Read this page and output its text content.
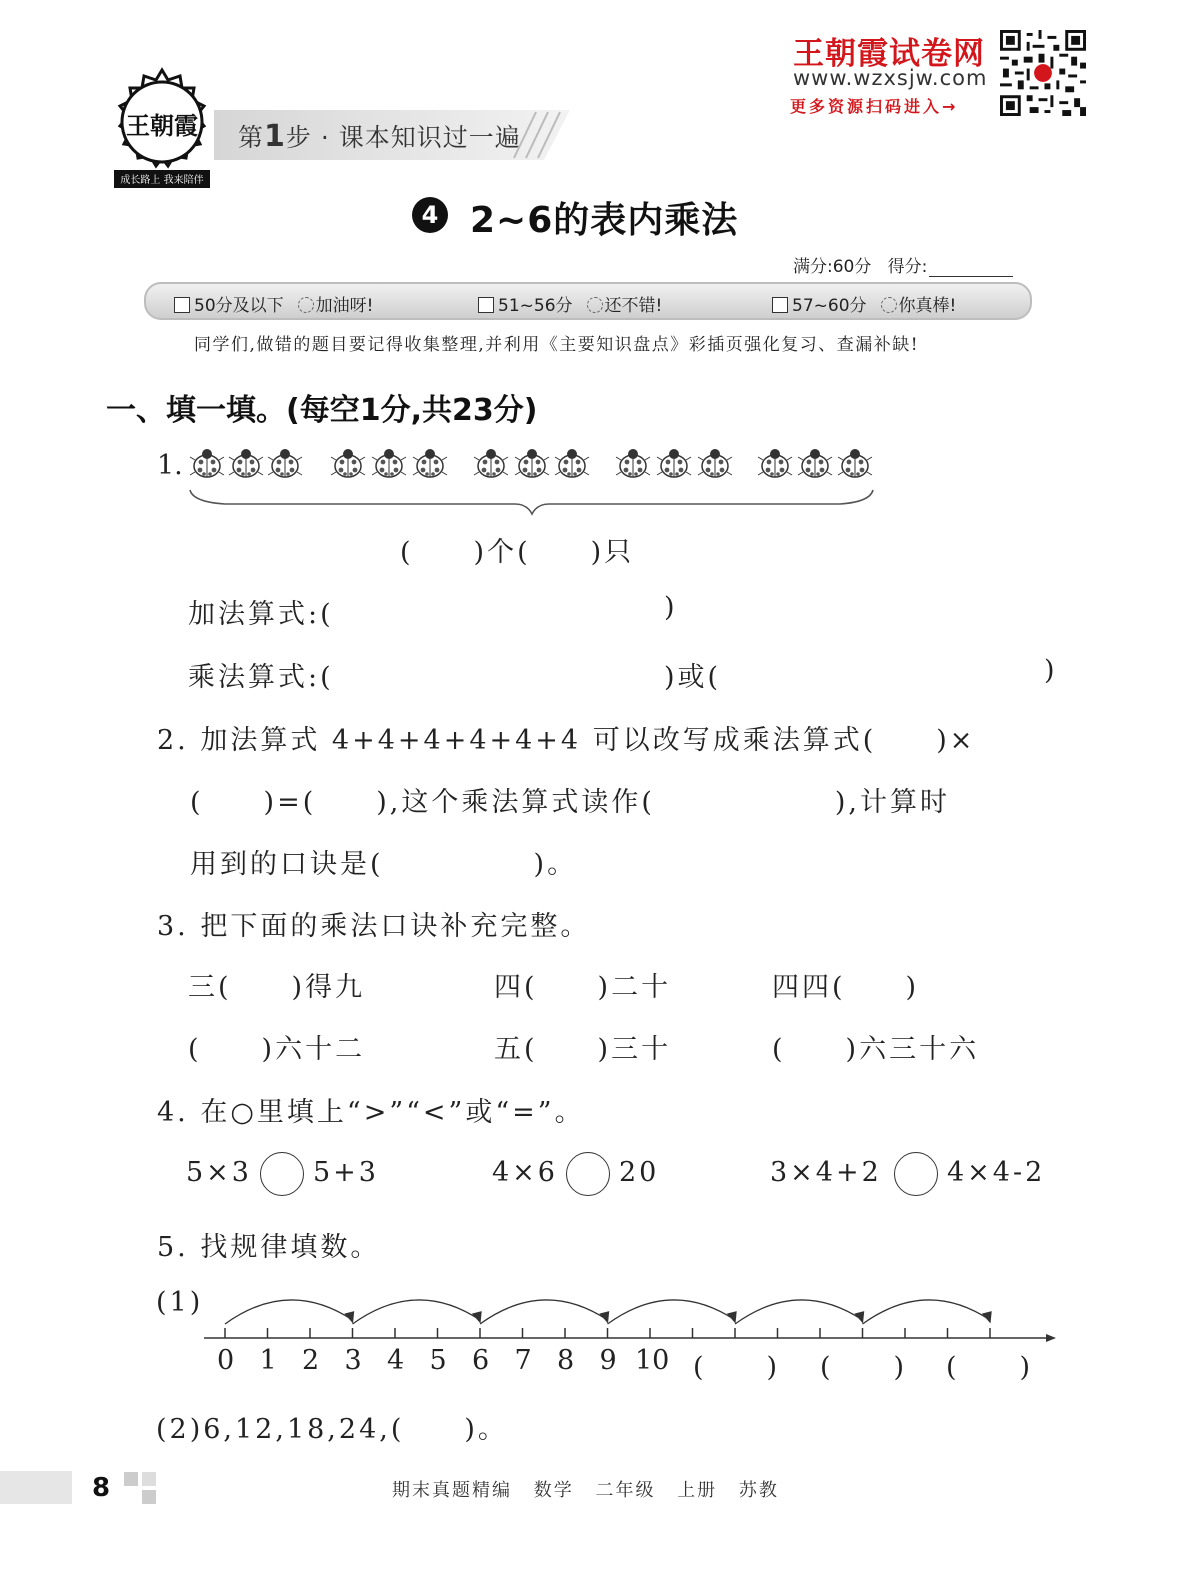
王朝霞
成长路上 我来陪伴
第1步 · 课本知识过一遍
王朝霞试卷网
www.wzxsjw.com
更多资源扫码进入→
4 2~6的表内乘法
满分:60分 得分:
50分及以下 加油呀!	51~56分 还不错!	57~60分 你真棒!
同学们,做错的题目要记得收集整理,并利用《主要知识盘点》彩插页强化复习、查漏补缺!
一、填一填。(每空1分,共23分)
1.
(　　)个(　　)只
加法算式:(	)
乘法算式:(	)或(	)
2. 加法算式 4+4+4+4+4+4 可以改写成乘法算式(　　)×
(　　)=(　　),这个乘法算式读作(　　　　　　),计算时
用到的口诀是(　　　　　)。
3. 把下面的乘法口诀补充完整。
三(　　)得九	四(　　)二十	四四(　　)
(　　)六十二	五(　　)三十	(　　)六三十六
4. 在○里填上“>”“<”或“=”。
5×3 5+3	4×6 20	3×4+2 4×4-2
5. 找规律填数。
(1)
0 1 2 3 4 5 6 7 8 9 10 (　　) (　　) (　　)
(2)6,12,18,24,(　　)。
8	期末真题精编 数学 二年级 上册 苏教
